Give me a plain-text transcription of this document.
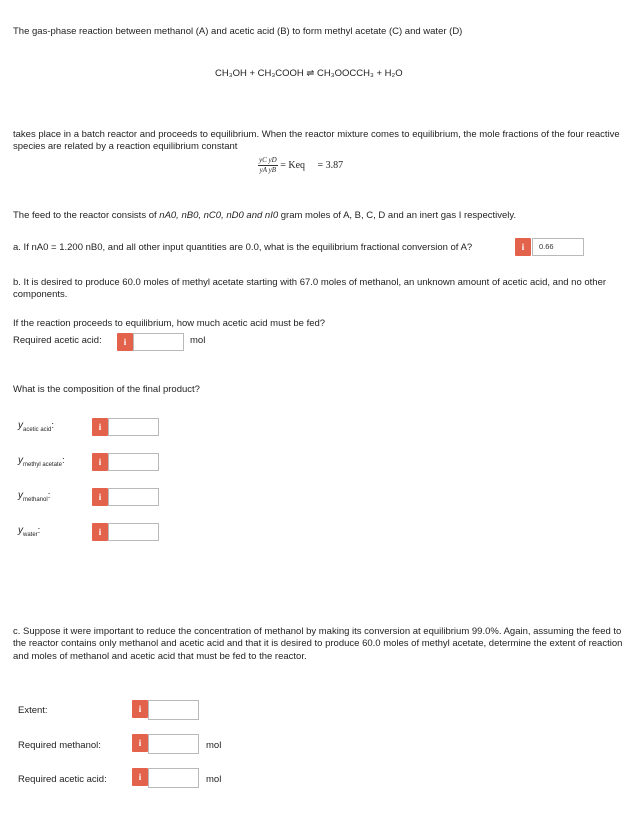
The gas-phase reaction between methanol (A) and acetic acid (B) to form methyl acetate (C) and water (D)

CH₃OH + CH₃COOH ⇌ CH₃OOCCH₃ + H₂O

takes place in a batch reactor and proceeds to equilibrium. When the reactor mixture comes to equilibrium, the mole fractions of the four reactive species are related by a reaction equilibrium constant

$\frac{\text{yC yD}}{\text{yA yB}}$ = Keq = 3.87

The feed to the reactor consists of nA0, nB0, nC0, nD0 and nI0 gram moles of A, B, C, D and an inert gas I respectively.

a. If nA0 = 1.200 nB0, and all other input quantities are 0.0, what is the equilibrium fractional conversion of A?	i	0.66

b. It is desired to produce 60.0 moles of methyl acetate starting with 67.0 moles of methanol, an unknown amount of acetic acid, and no other components.

If the reaction proceeds to equilibrium, how much acetic acid must be fed?

Required acetic acid:	i	mol

What is the composition of the final product?

$y_{acetic acid}$:	i
$y_{methyl acetate}$:	i
$y_{methanol}$:	i
$y_{water}$:	i

c. Suppose it were important to reduce the concentration of methanol by making its conversion at equilibrium 99.0%. Again, assuming the feed to the reactor contains only methanol and acetic acid and that it is desired to produce 60.0 moles of methyl acetate, determine the extent of reaction and moles of methanol and acetic acid that must be fed to the reactor.

Extent:	i

Required methanol:	i	mol

Required acetic acid:	i	mol
